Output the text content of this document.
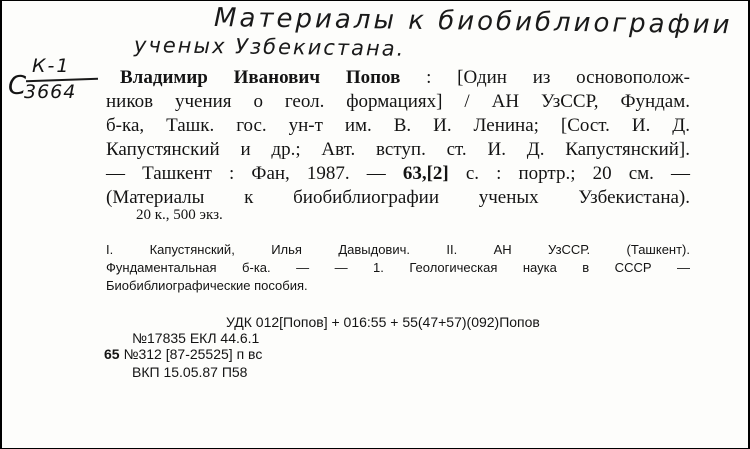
Материалы к биобиблиографии
ученых Узбекистана.
С
К-1
3664
Владимир Иванович Попов : [Один из основополож-
ников учения о геол. формациях] / АН УзССР, Фундам.
б-ка, Ташк. гос. ун-т им. В. И. Ленина; [Сост. И. Д.
Капустянский и др.; Авт. вступ. ст. И. Д. Капустянский].
— Ташкент : Фан, 1987. — 63,[2] с. : портр.; 20 см. —
(Материалы к биобиблиографии ученых Узбекистана).
20 к., 500 экз.
I. Капустянский, Илья Давыдович. II. АН УзССР. (Ташкент).
Фундаментальная б-ка. — — 1. Геологическая наука в СССР —
Биобиблиографические пособия.
УДК 012[Попов] + 016:55 + 55(47+57)(092)Попов
№17835 ЕКЛ 44.6.1
65 №312 [87-25525] п вс
ВКП 15.05.87 П58
